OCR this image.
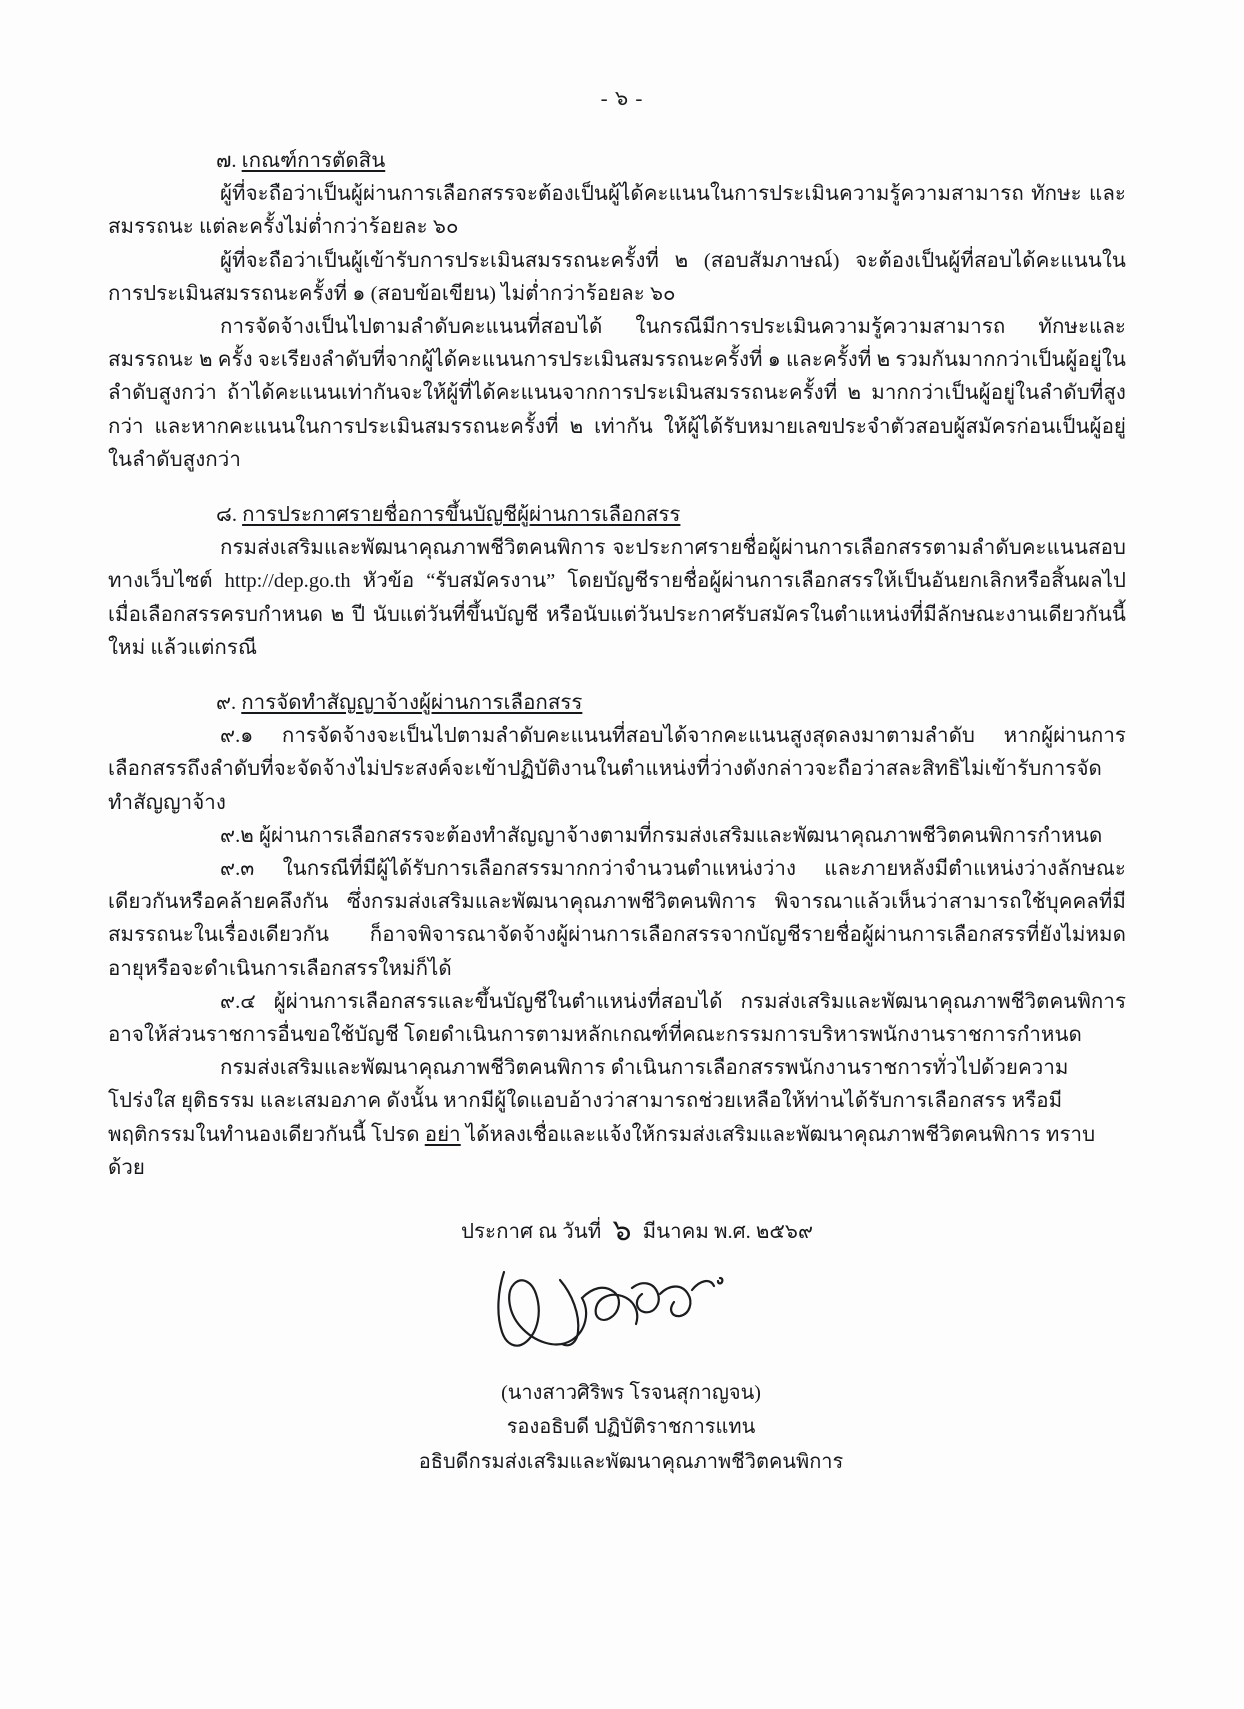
- ๖ -
๗. เกณฑ์การตัดสิน

ผู้ที่จะถือว่าเป็นผู้ผ่านการเลือกสรรจะต้องเป็นผู้ได้คะแนนในการประเมินความรู้ความสามารถ ทักษะ และสมรรถนะ แต่ละครั้งไม่ต่ำกว่าร้อยละ ๖๐

ผู้ที่จะถือว่าเป็นผู้เข้ารับการประเมินสมรรถนะครั้งที่ ๒ (สอบสัมภาษณ์) จะต้องเป็นผู้ที่สอบได้คะแนนในการประเมินสมรรถนะครั้งที่ ๑ (สอบข้อเขียน) ไม่ต่ำกว่าร้อยละ ๖๐

การจัดจ้างเป็นไปตามลำดับคะแนนที่สอบได้ ในกรณีมีการประเมินความรู้ความสามารถ ทักษะและสมรรถนะ ๒ ครั้ง จะเรียงลำดับที่จากผู้ได้คะแนนการประเมินสมรรถนะครั้งที่ ๑ และครั้งที่ ๒ รวมกันมากกว่าเป็นผู้อยู่ในลำดับสูงกว่า ถ้าได้คะแนนเท่ากันจะให้ผู้ที่ได้คะแนนจากการประเมินสมรรถนะครั้งที่ ๒ มากกว่าเป็นผู้อยู่ในลำดับที่สูงกว่า และหากคะแนนในการประเมินสมรรถนะครั้งที่ ๒ เท่ากัน ให้ผู้ได้รับหมายเลขประจำตัวสอบผู้สมัครก่อนเป็นผู้อยู่ในลำดับสูงกว่า

๘. การประกาศรายชื่อการขึ้นบัญชีผู้ผ่านการเลือกสรร

กรมส่งเสริมและพัฒนาคุณภาพชีวิตคนพิการ จะประกาศรายชื่อผู้ผ่านการเลือกสรรตามลำดับคะแนนสอบ ทางเว็บไซต์ http://dep.go.th หัวข้อ “รับสมัครงาน” โดยบัญชีรายชื่อผู้ผ่านการเลือกสรรให้เป็นอันยกเลิกหรือสิ้นผลไป เมื่อเลือกสรรครบกำหนด ๒ ปี นับแต่วันที่ขึ้นบัญชี หรือนับแต่วันประกาศรับสมัครในตำแหน่งที่มีลักษณะงานเดียวกันนี้ใหม่ แล้วแต่กรณี

๙. การจัดทำสัญญาจ้างผู้ผ่านการเลือกสรร

๙.๑ การจัดจ้างจะเป็นไปตามลำดับคะแนนที่สอบได้จากคะแนนสูงสุดลงมาตามลำดับ หากผู้ผ่านการเลือกสรรถึงลำดับที่จะจัดจ้างไม่ประสงค์จะเข้าปฏิบัติงานในตำแหน่งที่ว่างดังกล่าวจะถือว่าสละสิทธิไม่เข้ารับการจัดทำสัญญาจ้าง

๙.๒ ผู้ผ่านการเลือกสรรจะต้องทำสัญญาจ้างตามที่กรมส่งเสริมและพัฒนาคุณภาพชีวิตคนพิการกำหนด

๙.๓ ในกรณีที่มีผู้ได้รับการเลือกสรรมากกว่าจำนวนตำแหน่งว่าง และภายหลังมีตำแหน่งว่างลักษณะเดียวกันหรือคล้ายคลึงกัน ซึ่งกรมส่งเสริมและพัฒนาคุณภาพชีวิตคนพิการ พิจารณาแล้วเห็นว่าสามารถใช้บุคคลที่มีสมรรถนะในเรื่องเดียวกัน ก็อาจพิจารณาจัดจ้างผู้ผ่านการเลือกสรรจากบัญชีรายชื่อผู้ผ่านการเลือกสรรที่ยังไม่หมดอายุหรือจะดำเนินการเลือกสรรใหม่ก็ได้

๙.๔ ผู้ผ่านการเลือกสรรและขึ้นบัญชีในตำแหน่งที่สอบได้ กรมส่งเสริมและพัฒนาคุณภาพชีวิตคนพิการอาจให้ส่วนราชการอื่นขอใช้บัญชี โดยดำเนินการตามหลักเกณฑ์ที่คณะกรรมการบริหารพนักงานราชการกำหนด

กรมส่งเสริมและพัฒนาคุณภาพชีวิตคนพิการ ดำเนินการเลือกสรรพนักงานราชการทั่วไปด้วยความโปร่งใส ยุติธรรม และเสมอภาค ดังนั้น หากมีผู้ใดแอบอ้างว่าสามารถช่วยเหลือให้ท่านได้รับการเลือกสรร หรือมีพฤติกรรมในทำนองเดียวกันนี้ โปรด อย่า ได้หลงเชื่อและแจ้งให้กรมส่งเสริมและพัฒนาคุณภาพชีวิตคนพิการ ทราบด้วย

ประกาศ ณ วันที่ ๖ มีนาคม พ.ศ. ๒๕๖๙
(นางสาวศิริพร โรจนสุกาญจน)
รองอธิบดี ปฏิบัติราชการแทน
อธิบดีกรมส่งเสริมและพัฒนาคุณภาพชีวิตคนพิการ
